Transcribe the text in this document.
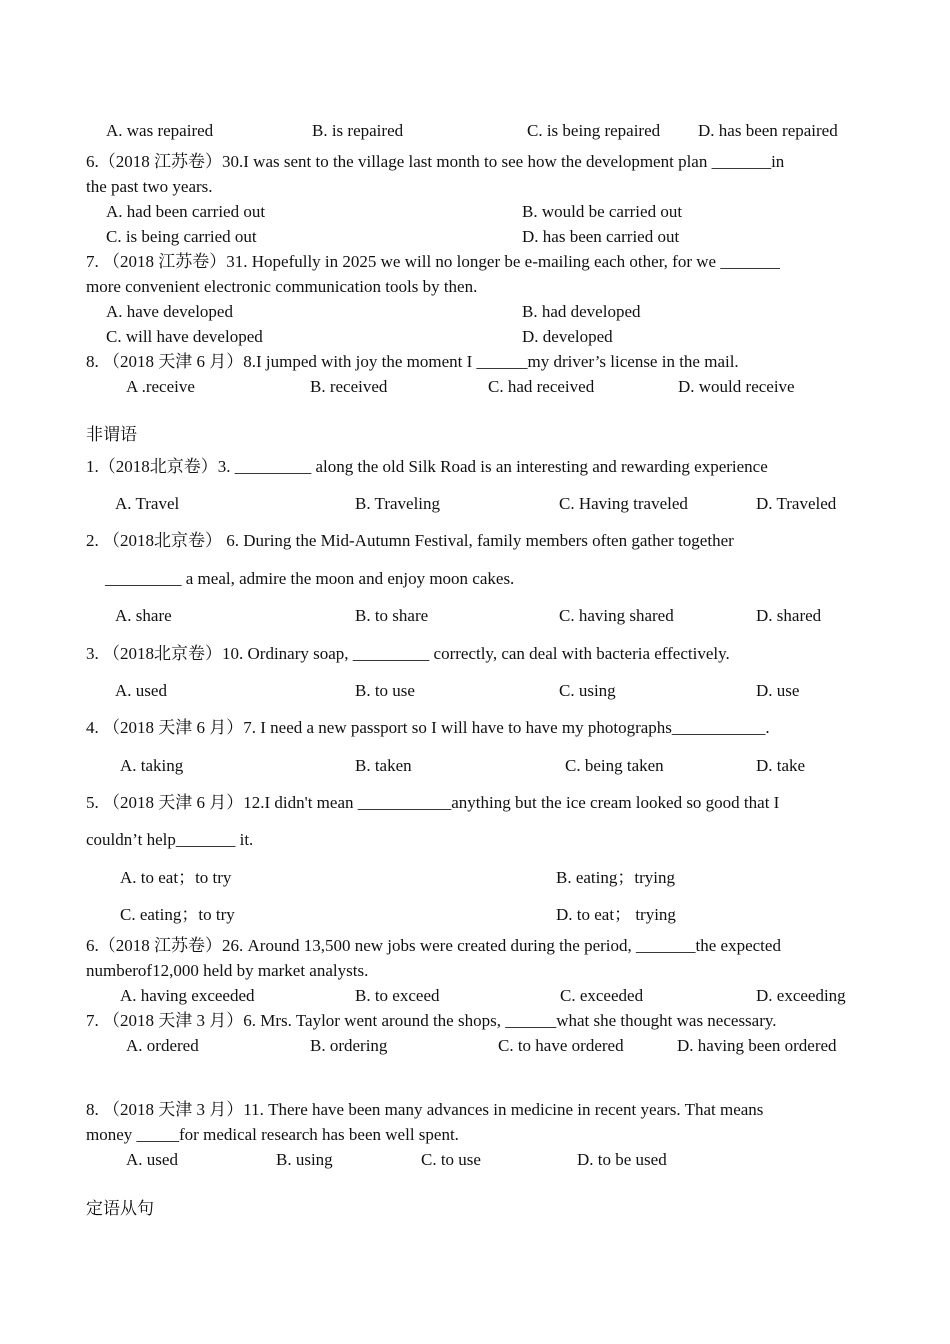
A. was repaired	B. is repaired	C. is being repaired D. has been repaired
6.（2018 江苏卷）30.I was sent to the village last month to see how the development plan _______in
the past two years.
A. had been carried out	B. would be carried out
C. is being carried out	D. has been carried out
7. （2018 江苏卷）31. Hopefully in 2025 we will no longer be e-mailing each other, for we _______
more convenient electronic communication tools by then.
A. have developed	B. had developed
C. will have developed	D. developed
8. （2018 天津 6 月）8.I jumped with joy the moment I ______my driver’s license in the mail.
A .receive	B. received	C. had received	D. would receive
非谓语
1.（2018北京卷）3. _________ along the old Silk Road is an interesting and rewarding experience
A. Travel	B. Traveling	C. Having traveled	D. Traveled
2. （2018北京卷） 6. During the Mid-Autumn Festival, family members often gather together
_________ a meal, admire the moon and enjoy moon cakes.
A. share	B. to share	C. having shared	D. shared
3. （2018北京卷）10. Ordinary soap, _________ correctly, can deal with bacteria effectively.
A. used	B. to use	C. using	D. use
4. （2018 天津 6 月）7. I need a new passport so I will have to have my photographs___________.
A. taking	B. taken	C. being taken	D. take
5. （2018 天津 6 月）12.I didn't mean ___________anything but the ice cream looked so good that I
couldn’t help_______ it.
A. to eat；to try	B. eating；trying
C. eating；to try	D. to eat； trying
6.（2018 江苏卷）26. Around 13,500 new jobs were created during the period, _______the expected
numberof12,000 held by market analysts.
A. having exceeded	B. to exceed	C. exceeded	D. exceeding
7. （2018 天津 3 月）6. Mrs. Taylor went around the shops, ______what she thought was necessary.
A. ordered	B. ordering	C. to have ordered	D. having been ordered
8. （2018 天津 3 月）11. There have been many advances in medicine in recent years. That means
money _____for medical research has been well spent.
A. used	B. using	C. to use	D. to be used
定语从句
